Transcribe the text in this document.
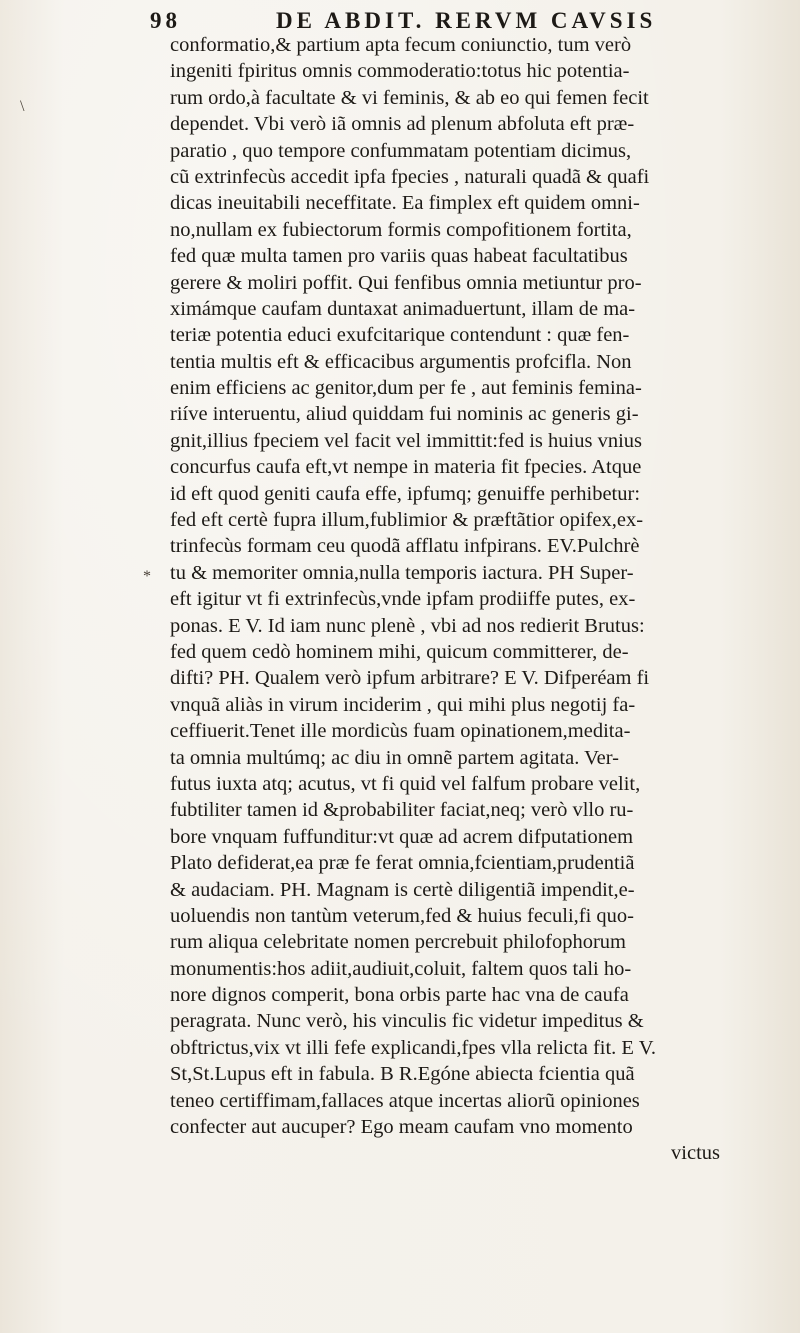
98	DE ABDIT. RERVM CAVSIS
\
*
conformatio,& partium apta fecum coniunctio, tum verò
ingeniti fpiritus omnis commoderatio:totus hic potentia-
rum ordo,à facultate & vi feminis, & ab eo qui femen fecit
dependet. Vbi verò iã omnis ad plenum abfoluta eft præ-
paratio , quo tempore confummatam potentiam dicimus,
cũ extrinfecùs accedit ipfa fpecies , naturali quadã & quafi
dicas ineuitabili neceffitate. Ea fimplex eft quidem omni-
no,nullam ex fubiectorum formis compofitionem fortita,
fed quæ multa tamen pro variis quas habeat facultatibus
gerere & moliri poffit. Qui fenfibus omnia metiuntur pro-
ximámque caufam duntaxat animaduertunt, illam de ma-
teriæ potentia educi exufcitarique contendunt : quæ fen-
tentia multis eft & efficacibus argumentis profcifla. Non
enim efficiens ac genitor,dum per fe , aut feminis femina-
riíve interuentu, aliud quiddam fui nominis ac generis gi-
gnit,illius fpeciem vel facit vel immittit:fed is huius vnius
concurfus caufa eft,vt nempe in materia fit fpecies. Atque
id eft quod geniti caufa effe, ipfumq; genuiffe perhibetur:
fed eft certè fupra illum,fublimior & præftãtior opifex,ex-
trinfecùs formam ceu quodã afflatu infpirans. EV.Pulchrè
tu & memoriter omnia,nulla temporis iactura. PH Super-
eft igitur vt fi extrinfecùs,vnde ipfam prodiiffe putes, ex-
ponas. E V. Id iam nunc plenè , vbi ad nos redierit Brutus:
fed quem cedò hominem mihi, quicum committerer, de-
difti? PH. Qualem verò ipfum arbitrare? E V. Difperéam fi
vnquã aliàs in virum inciderim , qui mihi plus negotij fa-
ceffiuerit.Tenet ille mordicùs fuam opinationem,medita-
ta omnia multúmq; ac diu in omnẽ partem agitata. Ver-
futus iuxta atq; acutus, vt fi quid vel falfum probare velit,
fubtiliter tamen id &probabiliter faciat,neq; verò vllo ru-
bore vnquam fuffunditur:vt quæ ad acrem difputationem
Plato defiderat,ea præ fe ferat omnia,fcientiam,prudentiã
& audaciam. PH. Magnam is certè diligentiã impendit,e-
uoluendis non tantùm veterum,fed & huius feculi,fi quo-
rum aliqua celebritate nomen percrebuit philofophorum
monumentis:hos adiit,audiuit,coluit, faltem quos tali ho-
nore dignos comperit, bona orbis parte hac vna de caufa
peragrata. Nunc verò, his vinculis fic videtur impeditus &
obftrictus,vix vt illi fefe explicandi,fpes vlla relicta fit. E V.
St,St.Lupus eft in fabula. B R.Egóne abiecta fcientia quã
teneo certiffimam,fallaces atque incertas aliorũ opiniones
confecter aut aucuper? Ego meam caufam vno momento
victus
